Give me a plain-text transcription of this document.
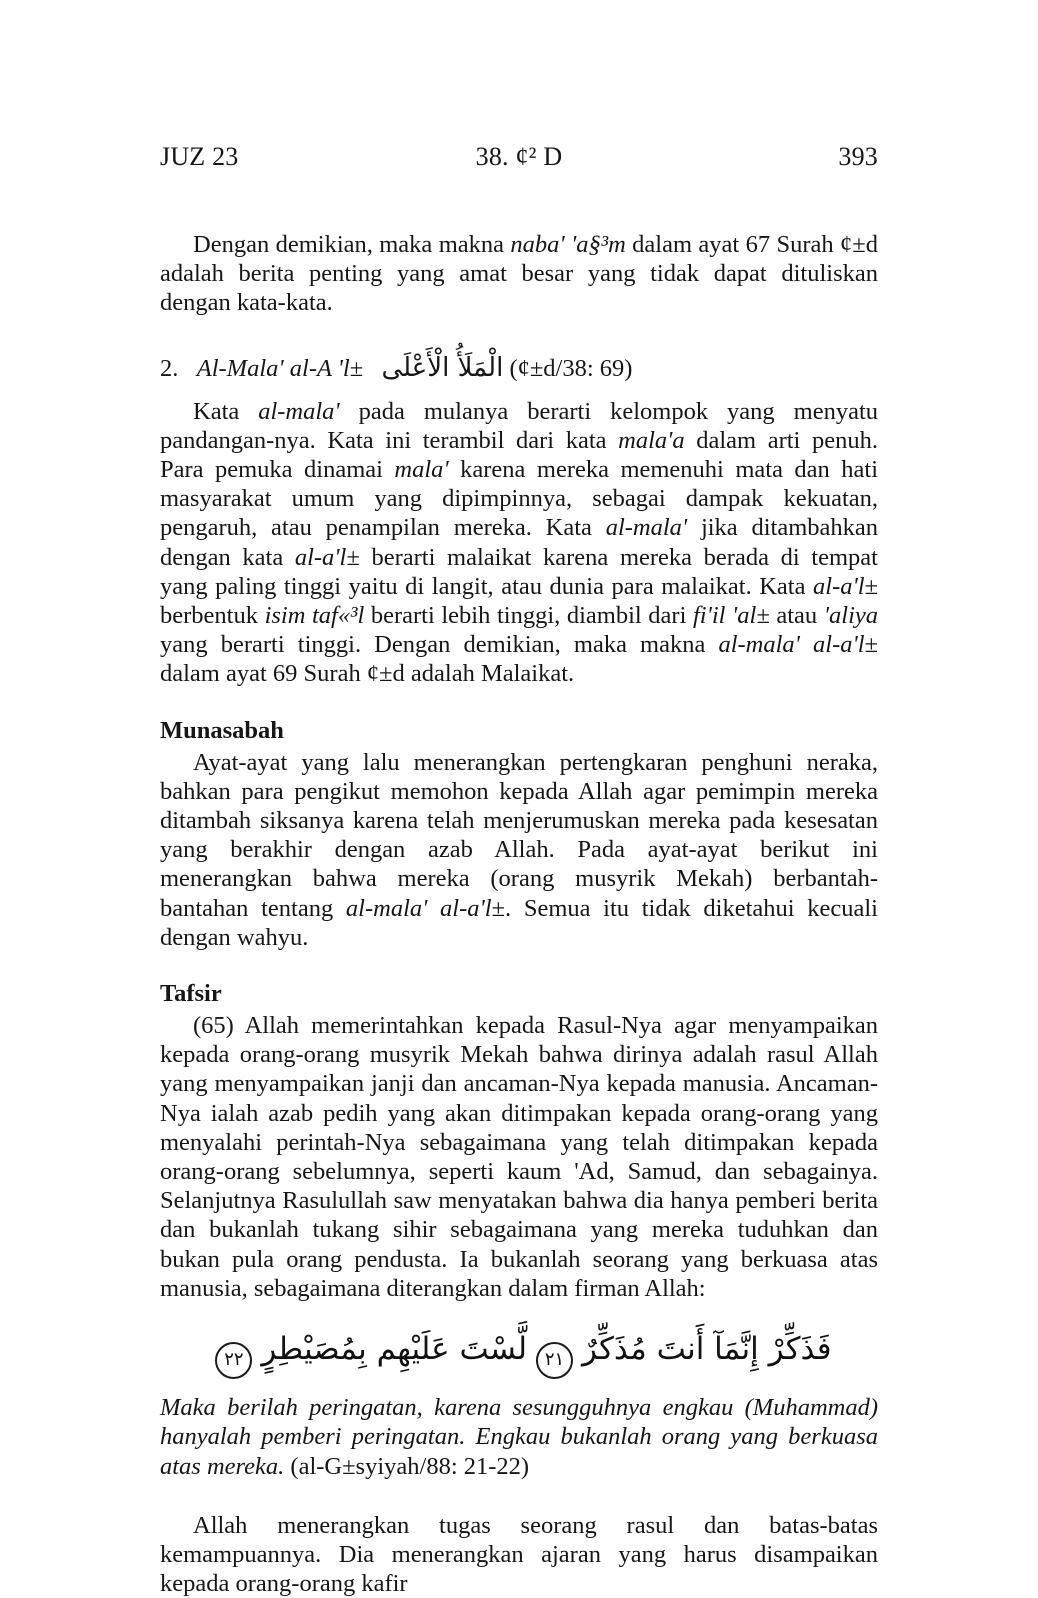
JUZ 23	38. ¢² D	393

Dengan demikian, maka makna naba' 'a§³m dalam ayat 67 Surah ¢±d adalah berita penting yang amat besar yang tidak dapat dituliskan dengan kata-kata.

2.   Al-Mala' al-A 'l± الْمَلَأُ الْأَعْلَى (¢±d/38: 69)

Kata al-mala' pada mulanya berarti kelompok yang menyatu pandangan-nya. Kata ini terambil dari kata mala'a dalam arti penuh. Para pemuka dinamai mala' karena mereka memenuhi mata dan hati masyarakat umum yang dipimpinnya, sebagai dampak kekuatan, pengaruh, atau penampilan mereka. Kata al-mala' jika ditambahkan dengan kata al-a'l± berarti malaikat karena mereka berada di tempat yang paling tinggi yaitu di langit, atau dunia para malaikat. Kata al-a'l± berbentuk isim taf«³l berarti lebih tinggi, diambil dari fi'il 'al± atau 'aliya yang berarti tinggi. Dengan demikian, maka makna al-mala' al-a'l± dalam ayat 69 Surah ¢±d adalah Malaikat.

Munasabah

Ayat-ayat yang lalu menerangkan pertengkaran penghuni neraka, bahkan para pengikut memohon kepada Allah agar pemimpin mereka ditambah siksanya karena telah menjerumuskan mereka pada kesesatan yang berakhir dengan azab Allah. Pada ayat-ayat berikut ini menerangkan bahwa mereka (orang musyrik Mekah) berbantah-bantahan tentang al-mala' al-a'l±. Semua itu tidak diketahui kecuali dengan wahyu.

Tafsir

(65) Allah memerintahkan kepada Rasul-Nya agar menyampaikan kepada orang-orang musyrik Mekah bahwa dirinya adalah rasul Allah yang menyampaikan janji dan ancaman-Nya kepada manusia. Ancaman-Nya ialah azab pedih yang akan ditimpakan kepada orang-orang yang menyalahi perintah-Nya sebagaimana yang telah ditimpakan kepada orang-orang sebelumnya, seperti kaum 'Ad, Samud, dan sebagainya. Selanjutnya Rasulullah saw menyatakan bahwa dia hanya pemberi berita dan bukanlah tukang sihir sebagaimana yang mereka tuduhkan dan bukan pula orang pendusta. Ia bukanlah seorang yang berkuasa atas manusia, sebagaimana diterangkan dalam firman Allah:

فَذَكِّرْ إِنَّمَآ أَنتَ مُذَكِّرٌ٢١لَّسْتَ عَلَيْهِم بِمُصَيْطِرٍ٢٢

Maka berilah peringatan, karena sesungguhnya engkau (Muhammad) hanyalah pemberi peringatan. Engkau bukanlah orang yang berkuasa atas mereka. (al-G±syiyah/88: 21-22)

Allah menerangkan tugas seorang rasul dan batas-batas kemampuannya. Dia menerangkan ajaran yang harus disampaikan kepada orang-orang kafir
